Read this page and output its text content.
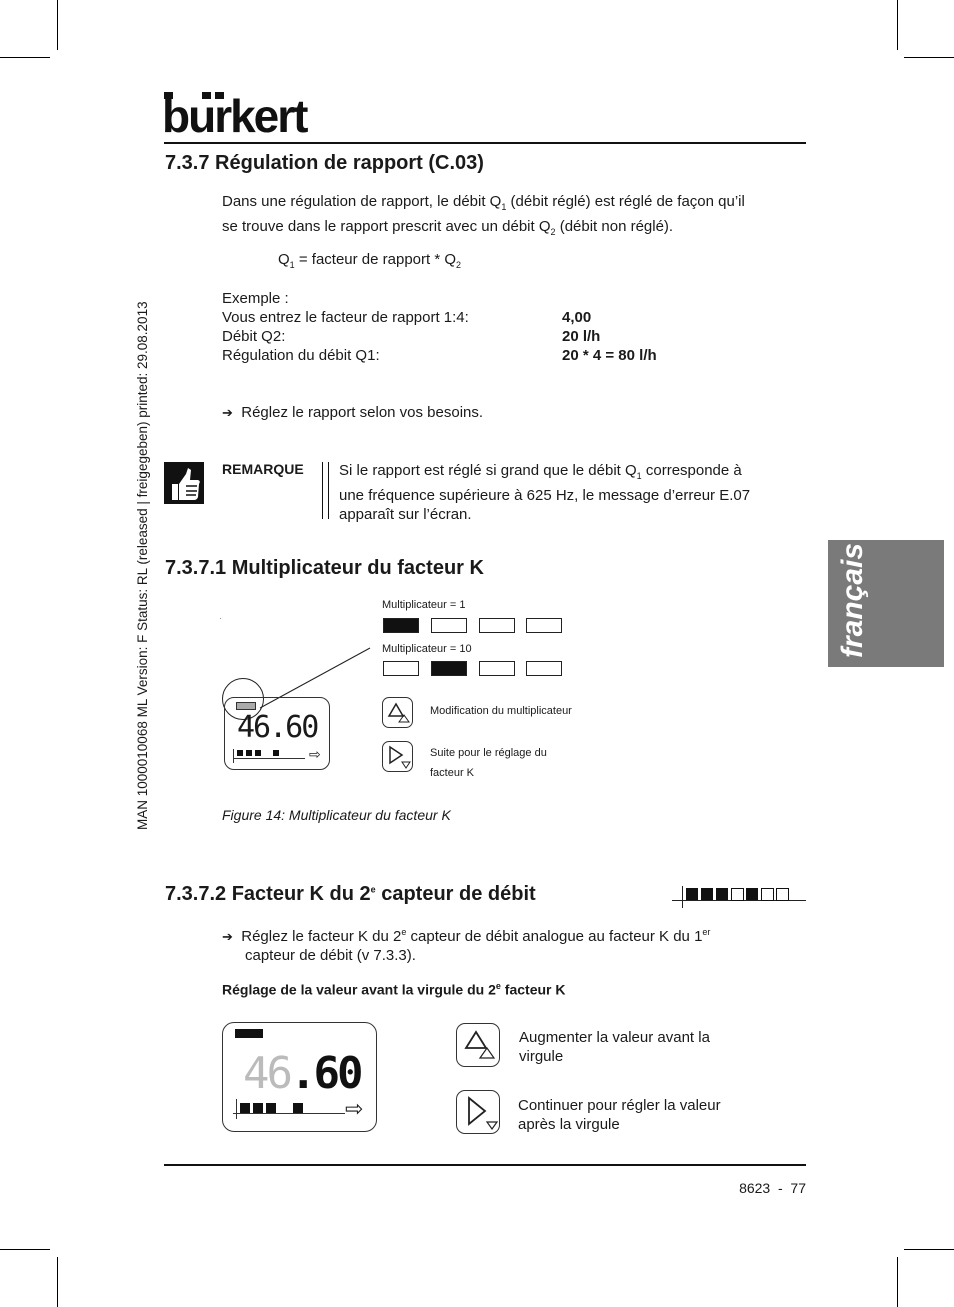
burkert
MAN 1000010068 ML Version: F Status: RL (released | freigegeben) printed: 29.08.2013	français
7.3.7 Régulation de rapport (C.03)
Dans une régulation de rapport, le débit $Q_1$ (débit réglé) est réglé de façon qu’il
se trouve dans le rapport prescrit avec un débit $Q_2$ (débit non réglé).
$Q_1$ = facteur de rapport * $Q_2$
Exemple :
Vous entrez le facteur de rapport 1:4:	4,00
Débit Q2:	20 l/h
Régulation du débit Q1:	20 * 4 = 80 l/h
➔ Réglez le rapport selon vos besoins.
REMARQUE Si le rapport est réglé si grand que le débit $Q_1$ corresponde à
une fréquence supérieure à 625 Hz, le message d’erreur E.07
apparaît sur l’écran.
7.3.7.1 Multiplicateur du facteur K
Multiplicateur = 1
Multiplicateur = 10
46.60
⇨
Modification du multiplicateur
Suite pour le réglage du
facteur K
Figure 14: Multiplicateur du facteur K
7.3.7.2 Facteur K du 2e capteur de débit
➔ Réglez le facteur K du 2e capteur de débit analogue au facteur K du 1er
capteur de débit (v 7.3.3).
Réglage de la valeur avant la virgule du 2e facteur K
46.60
⇨
Augmenter la valeur avant la
virgule
Continuer pour régler la valeur
après la virgule
8623  -  77
